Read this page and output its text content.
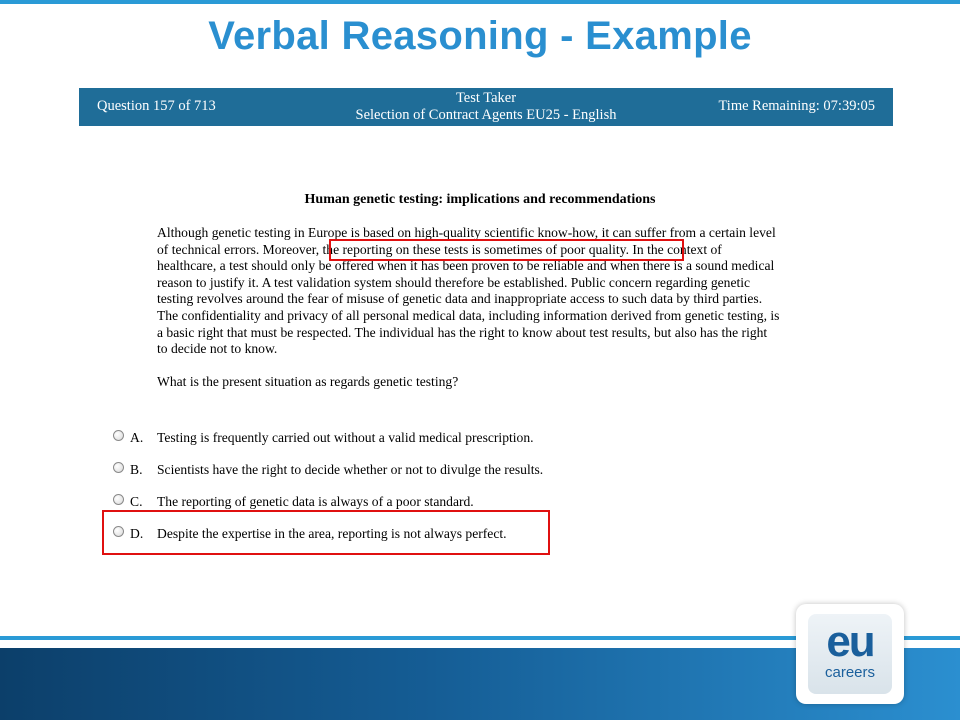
Verbal Reasoning - Example
Question 157 of 713	Test Taker
Selection of Contract Agents EU25 - English
Time Remaining: 07:39:05
Human genetic testing: implications and recommendations
Although genetic testing in Europe is based on high-quality scientific know-how, it can suffer from a certain level
of technical errors. Moreover, the reporting on these tests is sometimes of poor quality. In the context of
healthcare, a test should only be offered when it has been proven to be reliable and when there is a sound medical
reason to justify it. A test validation system should therefore be established. Public concern regarding genetic
testing revolves around the fear of misuse of genetic data and inappropriate access to such data by third parties.
The confidentiality and privacy of all personal medical data, including information derived from genetic testing, is
a basic right that must be respected. The individual has the right to know about test results, but also has the right
to decide not to know.
What is the present situation as regards genetic testing?
A.	Testing is frequently carried out without a valid medical prescription.
B.	Scientists have the right to decide whether or not to divulge the results.
C.	The reporting of genetic data is always of a poor standard.
D.	Despite the expertise in the area, reporting is not always perfect.
eu
careers
